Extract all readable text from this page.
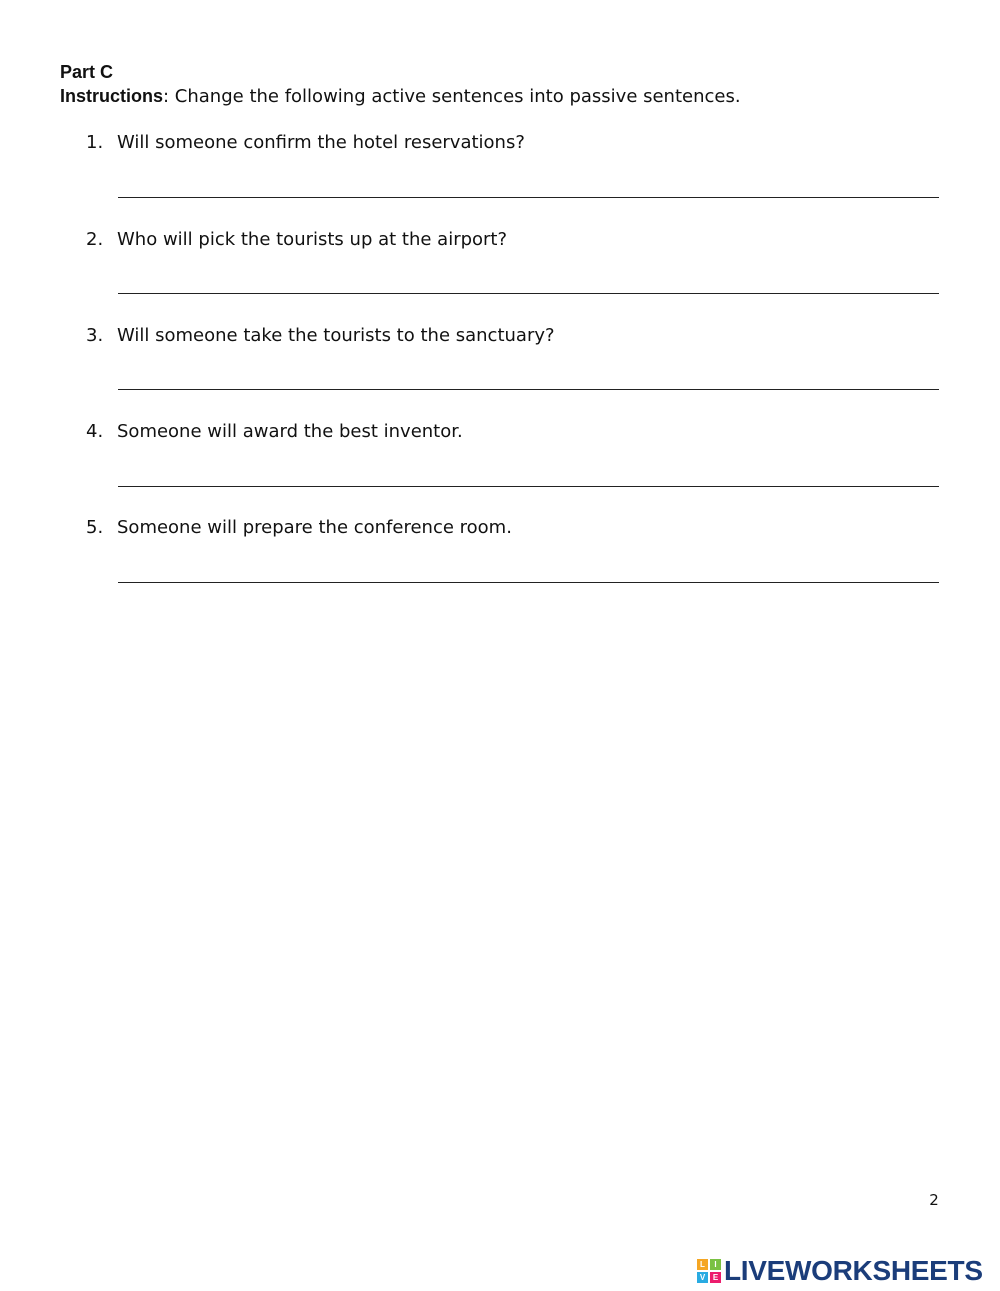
Part C

Instructions: Change the following active sentences into passive sentences.

1. Will someone confirm the hotel reservations?
2. Who will pick the tourists up at the airport?
3. Will someone take the tourists to the sanctuary?
4. Someone will award the best inventor.
5. Someone will prepare the conference room.
2
L	I
V E LIVEWORKSHEETS
